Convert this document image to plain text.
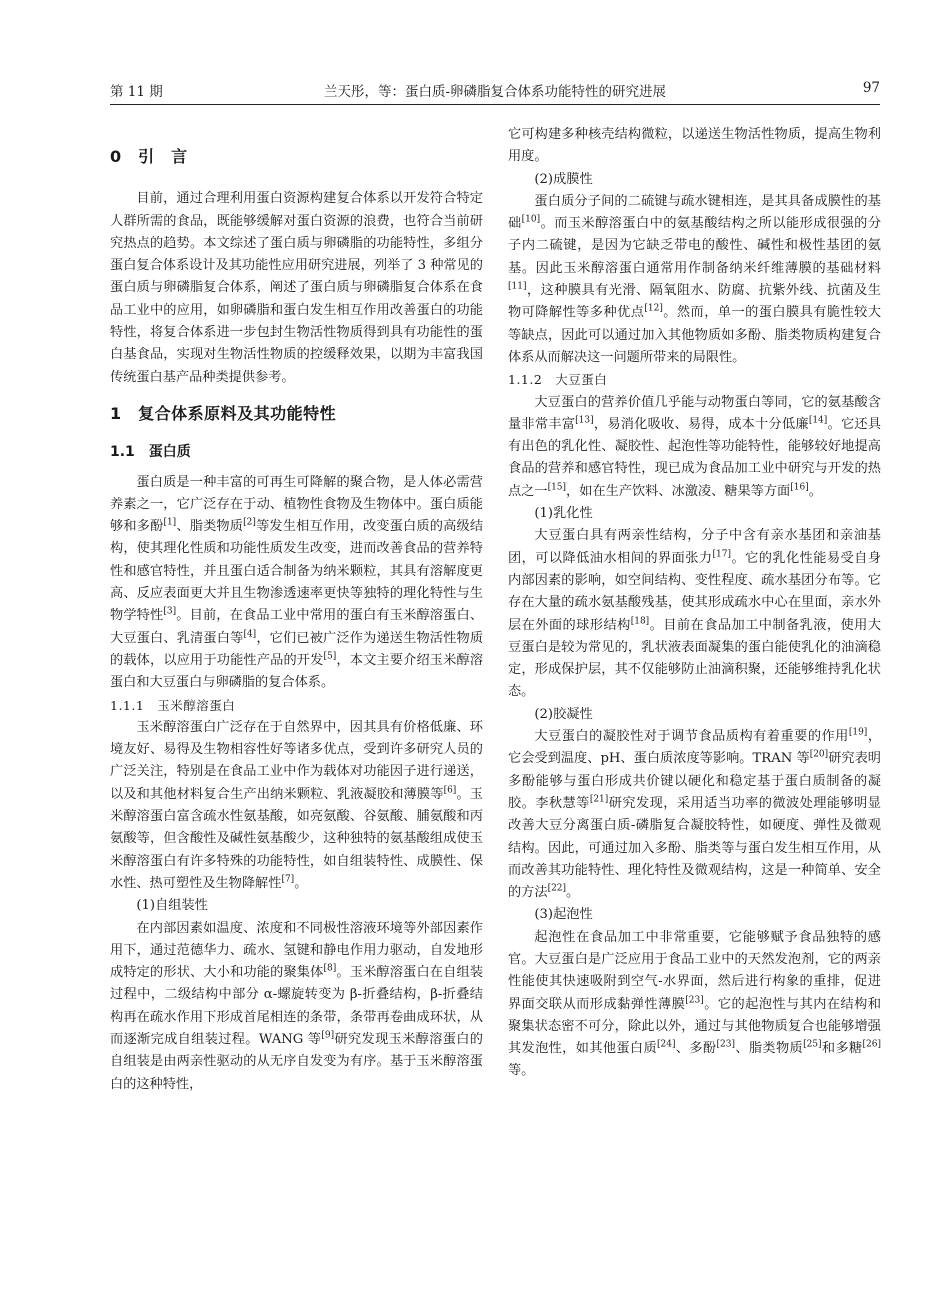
第 11 期	兰天彤，等：蛋白质-卵磷脂复合体系功能特性的研究进展	97
0　引　言

目前，通过合理利用蛋白资源构建复合体系以开发符合特定人群所需的食品，既能够缓解对蛋白资源的浪费，也符合当前研究热点的趋势。本文综述了蛋白质与卵磷脂的功能特性，多组分蛋白复合体系设计及其功能性应用研究进展，列举了 3 种常见的蛋白质与卵磷脂复合体系，阐述了蛋白质与卵磷脂复合体系在食品工业中的应用，如卵磷脂和蛋白发生相互作用改善蛋白的功能特性，将复合体系进一步包封生物活性物质得到具有功能性的蛋白基食品，实现对生物活性物质的控缓释效果，以期为丰富我国传统蛋白基产品种类提供参考。

1　复合体系原料及其功能特性
1.1　蛋白质

蛋白质是一种丰富的可再生可降解的聚合物，是人体必需营养素之一，它广泛存在于动、植物性食物及生物体中。蛋白质能够和多酚[1]、脂类物质[2]等发生相互作用，改变蛋白质的高级结构，使其理化性质和功能性质发生改变，进而改善食品的营养特性和感官特性，并且蛋白适合制备为纳米颗粒，其具有溶解度更高、反应表面更大并且生物渗透速率更快等独特的理化特性与生物学特性[3]。目前，在食品工业中常用的蛋白有玉米醇溶蛋白、大豆蛋白、乳清蛋白等[4]，它们已被广泛作为递送生物活性物质的载体，以应用于功能性产品的开发[5]，本文主要介绍玉米醇溶蛋白和大豆蛋白与卵磷脂的复合体系。

1.1.1　玉米醇溶蛋白

玉米醇溶蛋白广泛存在于自然界中，因其具有价格低廉、环境友好、易得及生物相容性好等诸多优点，受到许多研究人员的广泛关注，特别是在食品工业中作为载体对功能因子进行递送，以及和其他材料复合生产出纳米颗粒、乳液凝胶和薄膜等[6]。玉米醇溶蛋白富含疏水性氨基酸，如亮氨酸、谷氨酸、脯氨酸和丙氨酸等，但含酸性及碱性氨基酸少，这种独特的氨基酸组成使玉米醇溶蛋白有许多特殊的功能特性，如自组装特性、成膜性、保水性、热可塑性及生物降解性[7]。

(1)自组装性

在内部因素如温度、浓度和不同极性溶液环境等外部因素作用下，通过范德华力、疏水、氢键和静电作用力驱动，自发地形成特定的形状、大小和功能的聚集体[8]。玉米醇溶蛋白在自组装过程中，二级结构中部分 α-螺旋转变为 β-折叠结构，β-折叠结构再在疏水作用下形成首尾相连的条带，条带再卷曲成环状，从而逐渐完成自组装过程。WANG 等[9]研究发现玉米醇溶蛋白的自组装是由两亲性驱动的从无序自发变为有序。基于玉米醇溶蛋白的这种特性，

它可构建多种核壳结构微粒，以递送生物活性物质，提高生物利用度。

(2)成膜性

蛋白质分子间的二硫键与疏水键相连，是其具备成膜性的基础[10]。而玉米醇溶蛋白中的氨基酸结构之所以能形成很强的分子内二硫键，是因为它缺乏带电的酸性、碱性和极性基团的氨基。因此玉米醇溶蛋白通常用作制备纳米纤维薄膜的基础材料[11]，这种膜具有光滑、隔氧阻水、防腐、抗紫外线、抗菌及生物可降解性等多种优点[12]。然而，单一的蛋白膜具有脆性较大等缺点，因此可以通过加入其他物质如多酚、脂类物质构建复合体系从而解决这一问题所带来的局限性。

1.1.2　大豆蛋白

大豆蛋白的营养价值几乎能与动物蛋白等同，它的氨基酸含量非常丰富[13]，易消化吸收、易得，成本十分低廉[14]。它还具有出色的乳化性、凝胶性、起泡性等功能特性，能够较好地提高食品的营养和感官特性，现已成为食品加工业中研究与开发的热点之一[15]，如在生产饮料、冰激凌、糖果等方面[16]。

(1)乳化性

大豆蛋白具有两亲性结构，分子中含有亲水基团和亲油基团，可以降低油水相间的界面张力[17]。它的乳化性能易受自身内部因素的影响，如空间结构、变性程度、疏水基团分布等。它存在大量的疏水氨基酸残基，使其形成疏水中心在里面，亲水外层在外面的球形结构[18]。目前在食品加工中制备乳液，使用大豆蛋白是较为常见的，乳状液表面凝集的蛋白能使乳化的油滴稳定，形成保护层，其不仅能够防止油滴积聚，还能够维持乳化状态。

(2)胶凝性

大豆蛋白的凝胶性对于调节食品质构有着重要的作用[19]，它会受到温度、pH、蛋白质浓度等影响。TRAN 等[20]研究表明多酚能够与蛋白形成共价键以硬化和稳定基于蛋白质制备的凝胶。李秋慧等[21]研究发现，采用适当功率的微波处理能够明显改善大豆分离蛋白质-磷脂复合凝胶特性，如硬度、弹性及微观结构。因此，可通过加入多酚、脂类等与蛋白发生相互作用，从而改善其功能特性、理化特性及微观结构，这是一种简单、安全的方法[22]。

(3)起泡性

起泡性在食品加工中非常重要，它能够赋予食品独特的感官。大豆蛋白是广泛应用于食品工业中的天然发泡剂，它的两亲性能使其快速吸附到空气-水界面，然后进行构象的重排，促进界面交联从而形成黏弹性薄膜[23]。它的起泡性与其内在结构和聚集状态密不可分，除此以外，通过与其他物质复合也能够增强其发泡性，如其他蛋白质[24]、多酚[23]、脂类物质[25]和多糖[26]等。
